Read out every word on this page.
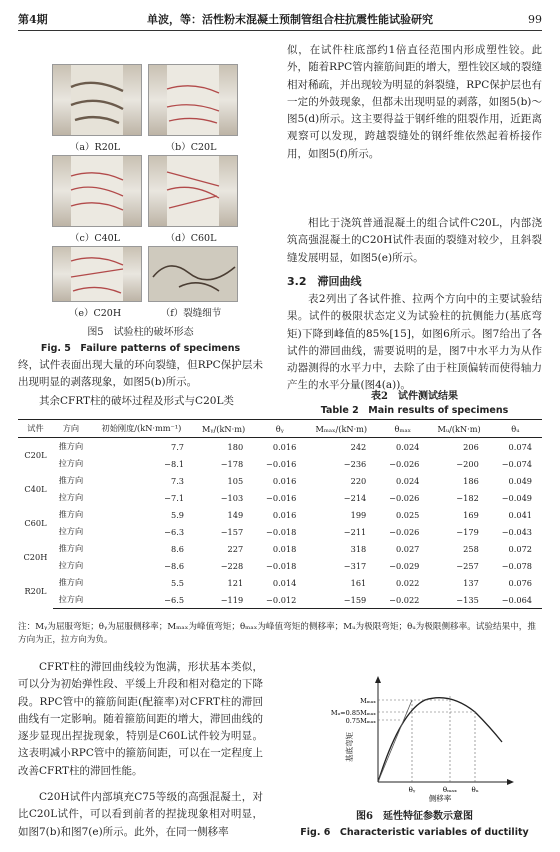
第4期	单波，等：活性粉末混凝土预制管组合柱抗震性能试验研究	99
（a）R20L	（b）C20L
（c）C40L	（d）C60L
（e）C20H	（f）裂缝细节
图5　试验柱的破坏形态
Fig. 5　Failure patterns of specimens
终，试件表面出现大量的环向裂缝，但RPC保护层未出现明显的剥落现象，如图5(b)所示。
其余CFRT柱的破坏过程及形式与C20L类
似，在试件柱底部约1倍直径范围内形成塑性铰。此外，随着RPC管内箍筋间距的增大，塑性铰区域的裂缝相对稀疏，并出现较为明显的斜裂缝，RPC保护层也有一定的外鼓现象，但都未出现明显的剥落，如图5(b)～图5(d)所示。这主要得益于钢纤维的阻裂作用，近距离观察可以发现，跨越裂缝处的钢纤维依然起着桥接作用，如图5(f)所示。
相比于浇筑普通混凝土的组合试件C20L，内部浇筑高强混凝土的C20H试件表面的裂缝对较少，且斜裂缝发展明显，如图5(e)所示。
3.2　滞回曲线
表2列出了各试件推、拉两个方向中的主要试验结果。试件的极限状态定义为试验柱的抗侧能力(基底弯矩)下降到峰值的85%[15]，如图6所示。图7给出了各试件的滞回曲线，需要说明的是，图7中水平力为从作动器测得的水平力中，去除了由于柱顶偏转而使得轴力产生的水平分量(图4(a))。
表2　试件测试结果
Table 2　Main results of specimens
试件	方向	初始刚度/(kN·mm⁻¹)	Mᵧ/(kN·m)	θᵧ	Mₘₐₓ/(kN·m)	θₘₐₓ	Mᵤ/(kN·m)	θᵤ
C20L	推方向	7.7	180	0.016	242	0.024	206	0.074
	拉方向	−8.1	−178	−0.016	−236	−0.026	−200	−0.074
C40L	推方向	7.3	105	0.016	220	0.024	186	0.049
	拉方向	−7.1	−103	−0.016	−214	−0.026	−182	−0.049
C60L	推方向	5.9	149	0.016	199	0.025	169	0.041
	拉方向	−6.3	−157	−0.018	−211	−0.026	−179	−0.043
C20H	推方向	8.6	227	0.018	318	0.027	258	0.072
	拉方向	−8.6	−228	−0.018	−317	−0.029	−257	−0.078
R20L	推方向	5.5	121	0.014	161	0.022	137	0.076
	拉方向	−6.5	−119	−0.012	−159	−0.022	−135	−0.064
注：Mᵧ为屈服弯矩；θᵧ为屈服侧移率；Mₘₐₓ为峰值弯矩；θₘₐₓ为峰值弯矩的侧移率；Mᵤ为极限弯矩；θᵤ为极限侧移率。试验结果中，推方向为正，拉方向为负。
CFRT柱的滞回曲线较为饱满，形状基本类似，可以分为初始弹性段、平缓上升段和相对稳定的下降段。RPC管中的箍筋间距(配箍率)对CFRT柱的滞回曲线有一定影响。随着箍筋间距的增大，滞回曲线的逐步显现出捏拢现象，特别是C60L试件较为明显。这表明减小RPC管中的箍筋间距，可以在一定程度上改善CFRT柱的滞回性能。
C20H试件内部填充C75等级的高强混凝土，对比C20L试件，可以看到前者的捏拢现象相对明显，如图7(b)和图7(e)所示。此外，在同一侧移率
Mₘₐₓ
Mᵤ=0.85Mₘₐₓ
0.75Mₘₐₓ
θᵧ	θₘₐₓ θᵤ
侧移率
基底弯矩
图6　延性特征参数示意图
Fig. 6　Characteristic variables of ductility
